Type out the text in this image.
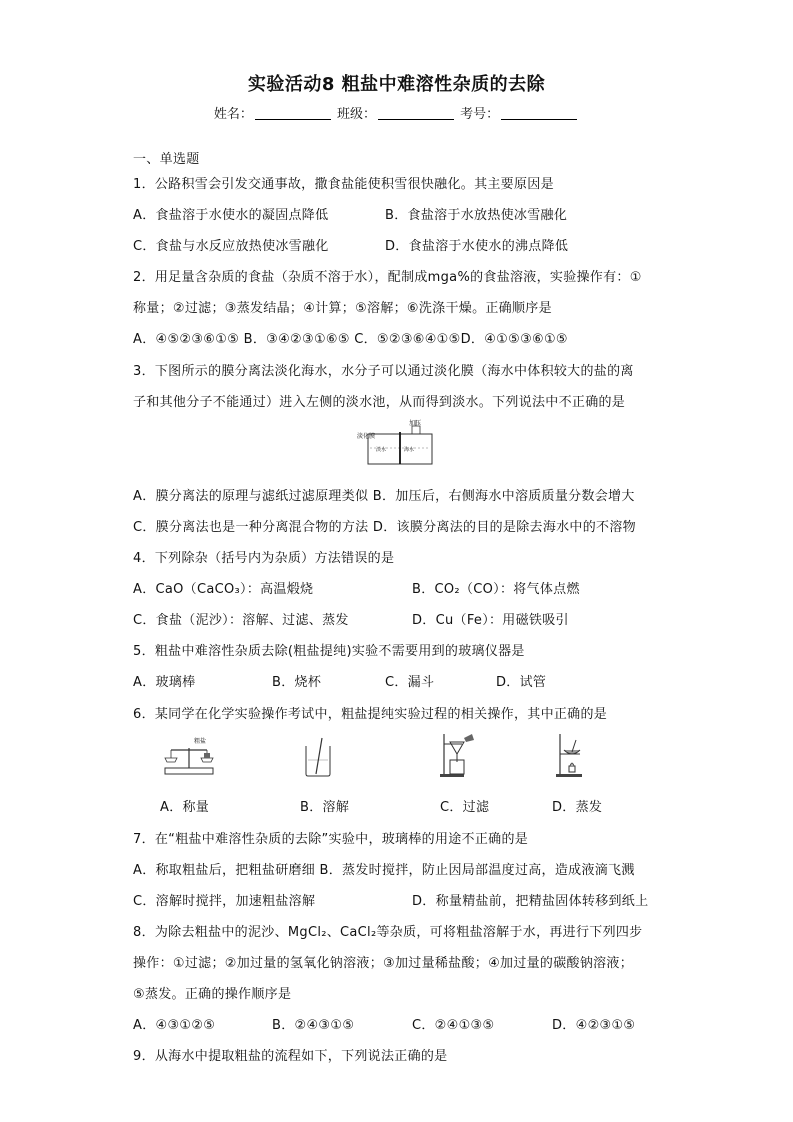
实验活动8 粗盐中难溶性杂质的去除
姓名：	班级：	考号：
一、单选题
1．公路积雪会引发交通事故，撒食盐能使积雪很快融化。其主要原因是
A．食盐溶于水使水的凝固点降低	B．食盐溶于水放热使冰雪融化
C．食盐与水反应放热使冰雪融化	D．食盐溶于水使水的沸点降低
2．用足量含杂质的食盐（杂质不溶于水），配制成mga%的食盐溶液，实验操作有：①
称量；②过滤；③蒸发结晶；④计算；⑤溶解；⑥洗涤干燥。正确顺序是
A．④⑤②③⑥①⑤ B．③④②③①⑥⑤ C．⑤②③⑥④①⑤D．④①⑤③⑥①⑤
3．下图所示的膜分离法淡化海水，水分子可以通过淡化膜（海水中体积较大的盐的离
子和其他分子不能通过）进入左侧的淡水池，从而得到淡水。下列说法中不正确的是
淡化膜
加压
淡水	海水
A．膜分离法的原理与滤纸过滤原理类似 B．加压后，右侧海水中溶质质量分数会增大
C．膜分离法也是一种分离混合物的方法 D．该膜分离法的目的是除去海水中的不溶物
4．下列除杂（括号内为杂质）方法错误的是
A．CaO（CaCO₃）：高温煅烧	B．CO₂（CO）：将气体点燃
C．食盐（泥沙）：溶解、过滤、蒸发	D．Cu（Fe）：用磁铁吸引
5．粗盐中难溶性杂质去除(粗盐提纯)实验不需要用到的玻璃仪器是
A．玻璃棒	B．烧杯	C．漏斗	D．试管
6．某同学在化学实验操作考试中，粗盐提纯实验过程的相关操作，其中正确的是
粗盐
A．称量	B．溶解	C．过滤	D．蒸发
7．在“粗盐中难溶性杂质的去除”实验中，玻璃棒的用途不正确的是
A．称取粗盐后，把粗盐研磨细 B．蒸发时搅拌，防止因局部温度过高，造成液滴飞溅
C．溶解时搅拌，加速粗盐溶解	D．称量精盐前，把精盐固体转移到纸上
8．为除去粗盐中的泥沙、MgCl₂、CaCl₂等杂质，可将粗盐溶解于水，再进行下列四步
操作：①过滤；②加过量的氢氧化钠溶液；③加过量稀盐酸；④加过量的碳酸钠溶液；
⑤蒸发。正确的操作顺序是
A．④③①②⑤	B．②④③①⑤	C．②④①③⑤	D．④②③①⑤
9．从海水中提取粗盐的流程如下，下列说法正确的是
